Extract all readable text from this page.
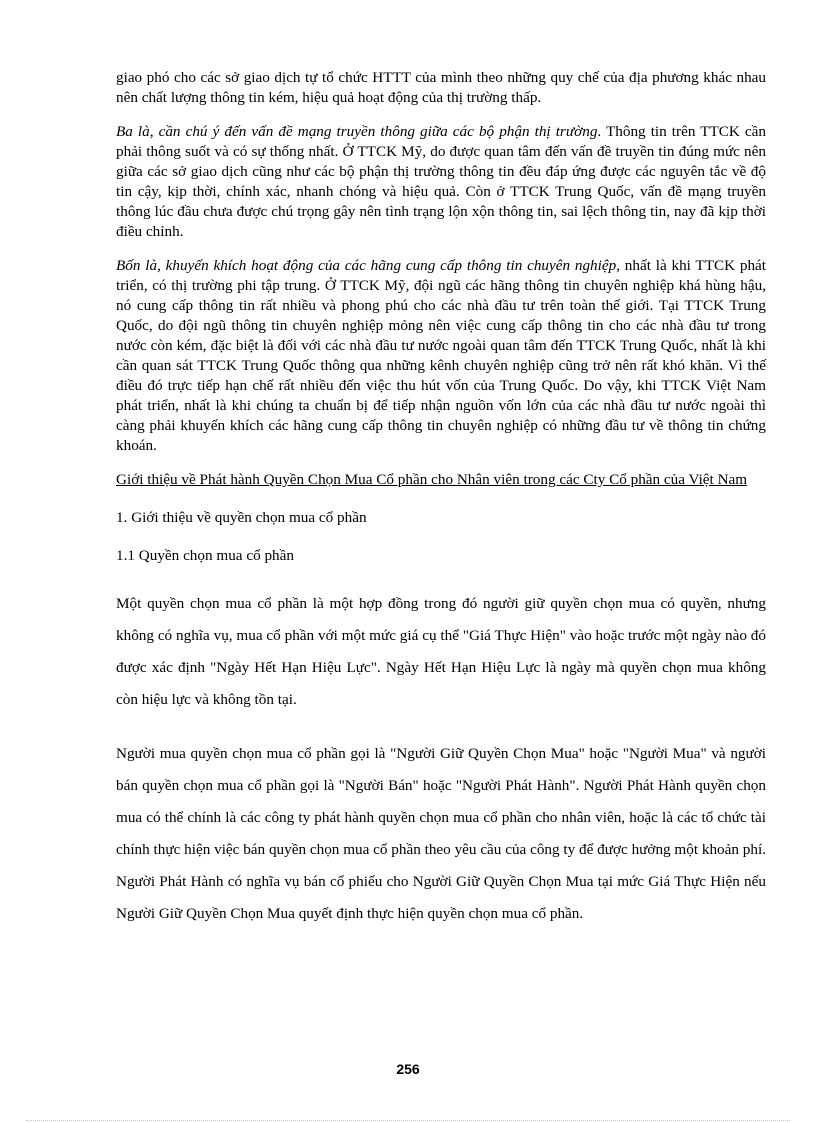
giao phó cho các sở giao dịch tự tổ chức HTTT của mình theo những quy chế của địa phương khác nhau nên chất lượng thông tin kém, hiệu quả hoạt động của thị trường thấp.

Ba là, cần chú ý đến vấn đề mạng truyền thông giữa các bộ phận thị trường. Thông tin trên TTCK cần phải thông suốt và có sự thống nhất. Ở TTCK Mỹ, do được quan tâm đến vấn đề truyền tin đúng mức nên giữa các sở giao dịch cũng như các bộ phận thị trường thông tin đều đáp ứng được các nguyên tắc về độ tin cậy, kịp thời, chính xác, nhanh chóng và hiệu quả. Còn ở TTCK Trung Quốc, vấn đề mạng truyền thông lúc đầu chưa được chú trọng gây nên tình trạng lộn xộn thông tin, sai lệch thông tin, nay đã kịp thời điều chỉnh.

Bốn là, khuyến khích hoạt động của các hãng cung cấp thông tin chuyên nghiệp, nhất là khi TTCK phát triển, có thị trường phi tập trung. Ở TTCK Mỹ, đội ngũ các hãng thông tin chuyên nghiệp khá hùng hậu, nó cung cấp thông tin rất nhiều và phong phú cho các nhà đầu tư trên toàn thế giới. Tại TTCK Trung Quốc, do đội ngũ thông tin chuyên nghiệp mỏng nên việc cung cấp thông tin cho các nhà đầu tư trong nước còn kém, đặc biệt là đối với các nhà đầu tư nước ngoài quan tâm đến TTCK Trung Quốc, nhất là khi cần quan sát TTCK Trung Quốc thông qua những kênh chuyên nghiệp cũng trở nên rất khó khăn. Vì thế điều đó trực tiếp hạn chế rất nhiều đến việc thu hút vốn của Trung Quốc. Do vậy, khi TTCK Việt Nam phát triển, nhất là khi chúng ta chuẩn bị để tiếp nhận nguồn vốn lớn của các nhà đầu tư nước ngoài thì càng phải khuyến khích các hãng cung cấp thông tin chuyên nghiệp có những đầu tư về thông tin chứng khoán.

Giới thiệu về Phát hành Quyền Chọn Mua Cổ phần cho Nhân viên trong các Cty Cổ phần của Việt Nam

1. Giới thiệu về quyền chọn mua cổ phần

1.1 Quyền chọn mua cổ phần

Một quyền chọn mua cổ phần là một hợp đồng trong đó người giữ quyền chọn mua có quyền, nhưng không có nghĩa vụ, mua cổ phần với một mức giá cụ thể "Giá Thực Hiện" vào hoặc trước một ngày nào đó được xác định "Ngày Hết Hạn Hiệu Lực". Ngày Hết Hạn Hiệu Lực là ngày mà quyền chọn mua không còn hiệu lực và không tồn tại.

Người mua quyền chọn mua cổ phần gọi là "Người Giữ Quyền Chọn Mua" hoặc "Người Mua" và người bán quyền chọn mua cổ phần gọi là "Người Bán" hoặc "Người Phát Hành". Người Phát Hành quyền chọn mua có thể chính là các công ty phát hành quyền chọn mua cổ phần cho nhân viên, hoặc là các tổ chức tài chính thực hiện việc bán quyền chọn mua cổ phần theo yêu cầu của công ty để được hưởng một khoản phí. Người Phát Hành có nghĩa vụ bán cổ phiếu cho Người Giữ Quyền Chọn Mua tại mức Giá Thực Hiện nếu Người Giữ Quyền Chọn Mua quyết định thực hiện quyền chọn mua cổ phần.

256
